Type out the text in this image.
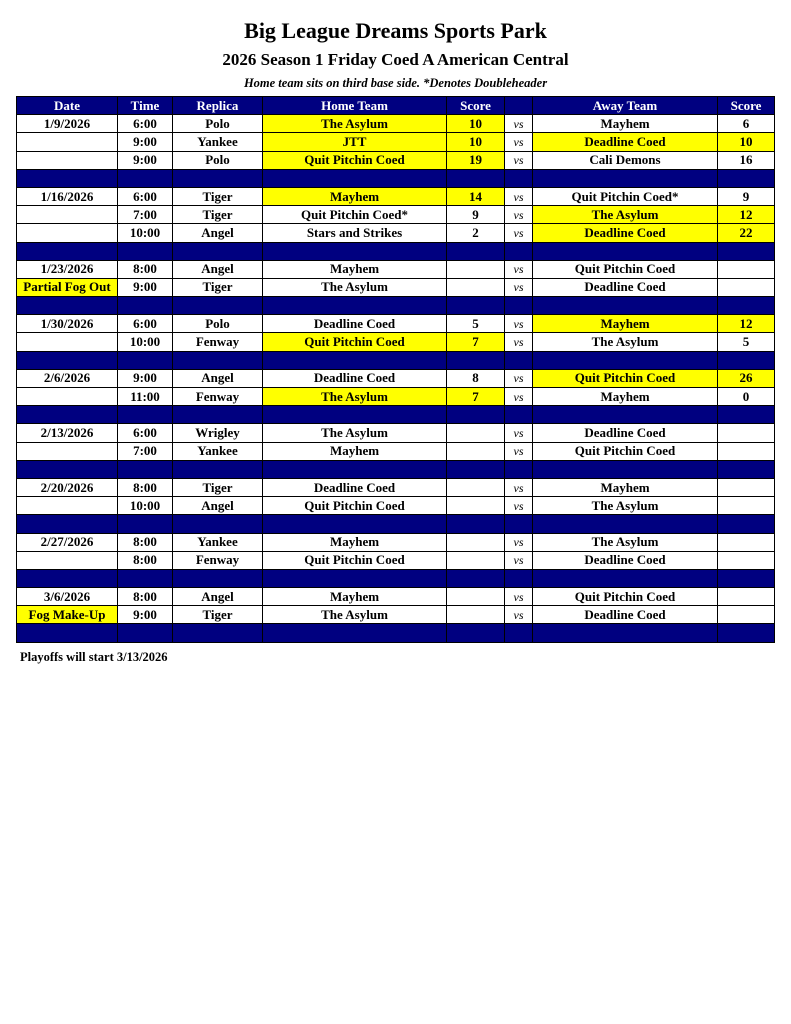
Big League Dreams Sports Park
2026 Season 1 Friday Coed A American Central
Home team sits on third base side. *Denotes Doubleheader
Date	Time	Replica	Home Team	Score		Away Team	Score
1/9/2026	6:00	Polo	The Asylum	10	vs	Mayhem	6
	9:00	Yankee	JTT	10	vs	Deadline Coed	10
	9:00	Polo	Quit Pitchin Coed	19	vs	Cali Demons	16

1/16/2026	6:00	Tiger	Mayhem	14	vs	Quit Pitchin Coed*	9
	7:00	Tiger	Quit Pitchin Coed*	9	vs	The Asylum	12
	10:00	Angel	Stars and Strikes	2	vs	Deadline Coed	22

1/23/2026	8:00	Angel	Mayhem		vs	Quit Pitchin Coed	
Partial Fog Out	9:00	Tiger	The Asylum		vs	Deadline Coed	

1/30/2026	6:00	Polo	Deadline Coed	5	vs	Mayhem	12
	10:00	Fenway	Quit Pitchin Coed	7	vs	The Asylum	5

2/6/2026	9:00	Angel	Deadline Coed	8	vs	Quit Pitchin Coed	26
	11:00	Fenway	The Asylum	7	vs	Mayhem	0

2/13/2026	6:00	Wrigley	The Asylum		vs	Deadline Coed	
	7:00	Yankee	Mayhem		vs	Quit Pitchin Coed	

2/20/2026	8:00	Tiger	Deadline Coed		vs	Mayhem	
	10:00	Angel	Quit Pitchin Coed		vs	The Asylum	

2/27/2026	8:00	Yankee	Mayhem		vs	The Asylum	
	8:00	Fenway	Quit Pitchin Coed		vs	Deadline Coed	

3/6/2026	8:00	Angel	Mayhem		vs	Quit Pitchin Coed	
Fog Make-Up	9:00	Tiger	The Asylum		vs	Deadline Coed	

Playoffs will start 3/13/2026
